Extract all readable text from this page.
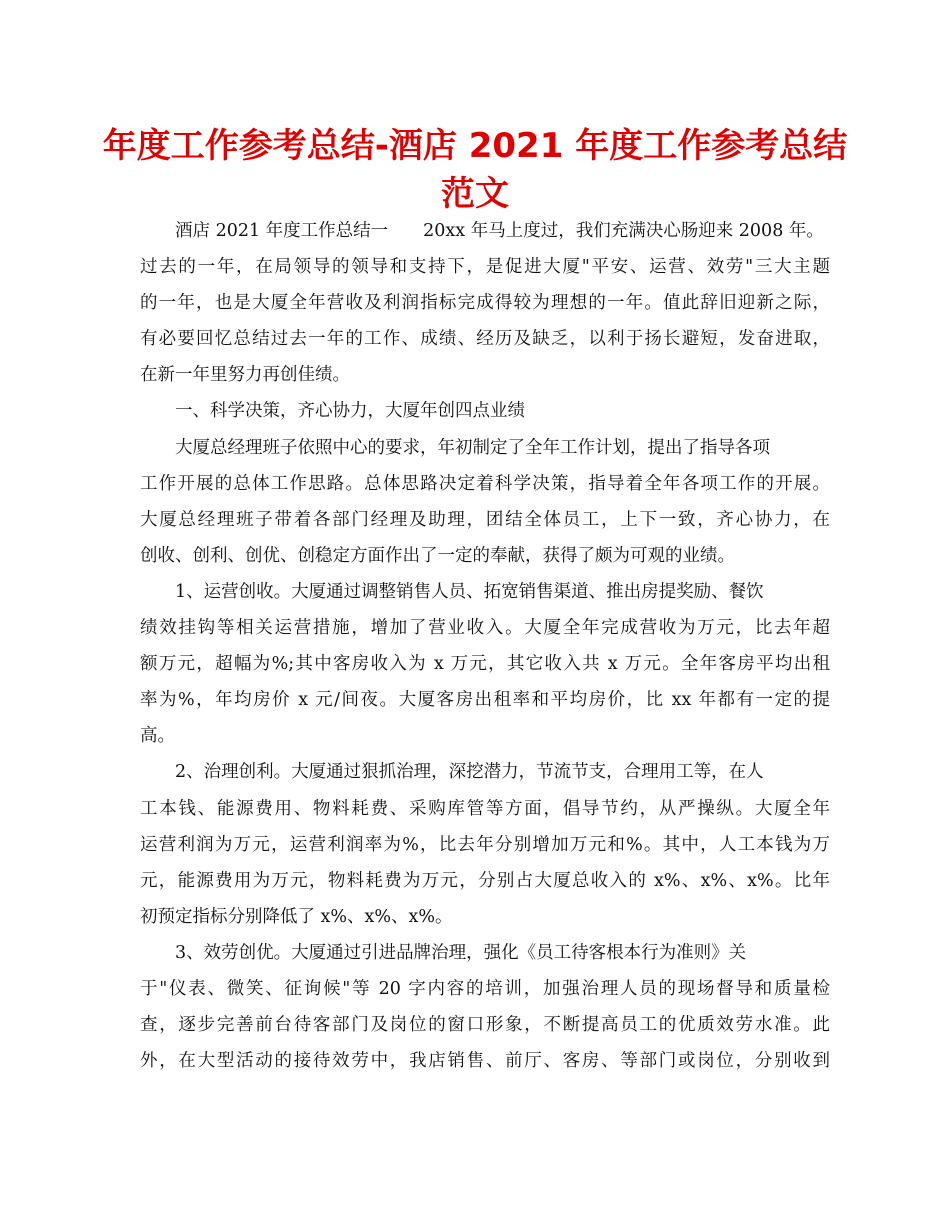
年度工作参考总结-酒店 2021 年度工作参考总结
范文
酒店 2021 年度工作总结一　　20xx 年马上度过，我们充满决心肠迎来 2008 年。
过去的一年，在局领导的领导和支持下，是促进大厦"平安、运营、效劳"三大主题
的一年，也是大厦全年营收及利润指标完成得较为理想的一年。值此辞旧迎新之际，
有必要回忆总结过去一年的工作、成绩、经历及缺乏，以利于扬长避短，发奋进取，
在新一年里努力再创佳绩。
一、科学决策，齐心协力，大厦年创四点业绩
大厦总经理班子依照中心的要求，年初制定了全年工作计划，提出了指导各项
工作开展的总体工作思路。总体思路决定着科学决策，指导着全年各项工作的开展。
大厦总经理班子带着各部门经理及助理，团结全体员工，上下一致，齐心协力，在
创收、创利、创优、创稳定方面作出了一定的奉献，获得了颇为可观的业绩。
1、运营创收。大厦通过调整销售人员、拓宽销售渠道、推出房提奖励、餐饮
绩效挂钩等相关运营措施，增加了营业收入。大厦全年完成营收为万元，比去年超
额万元，超幅为%;其中客房收入为 x 万元，其它收入共 x 万元。全年客房平均出租
率为%，年均房价 x 元/间夜。大厦客房出租率和平均房价，比 xx 年都有一定的提
高。
2、治理创利。大厦通过狠抓治理，深挖潜力，节流节支，合理用工等，在人
工本钱、能源费用、物料耗费、采购库管等方面，倡导节约，从严操纵。大厦全年
运营利润为万元，运营利润率为%，比去年分别增加万元和%。其中，人工本钱为万
元，能源费用为万元，物料耗费为万元，分别占大厦总收入的 x%、x%、x%。比年
初预定指标分别降低了 x%、x%、x%。
3、效劳创优。大厦通过引进品牌治理，强化《员工待客根本行为准则》关
于"仪表、微笑、征询候"等 20 字内容的培训，加强治理人员的现场督导和质量检
查，逐步完善前台待客部门及岗位的窗口形象，不断提高员工的优质效劳水准。此
外，在大型活动的接待效劳中，我店销售、前厅、客房、等部门或岗位，分别收到
